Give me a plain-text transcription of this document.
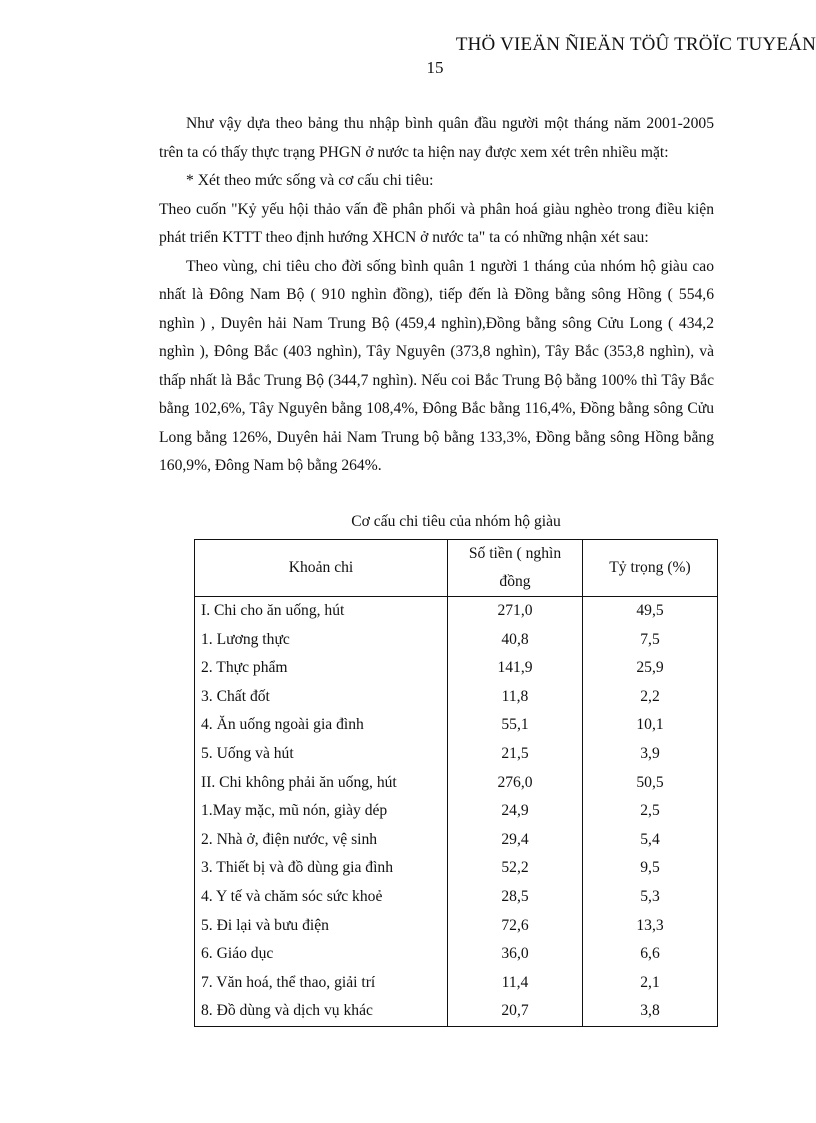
THÖ VIEÄN ÑIEÄN TÖÛ TRÖÏC TUYEÁN
15

Như vậy dựa theo bảng thu nhập bình quân đầu người một tháng năm 2001-2005 trên ta có thấy thực trạng PHGN ở nước ta hiện nay được xem xét trên nhiều mặt:

* Xét theo mức sống và cơ cấu chi tiêu:

Theo cuốn "Kỷ yếu hội thảo vấn đề phân phối và phân hoá giàu nghèo trong điều kiện phát triển KTTT theo định hướng XHCN ở nước ta" ta có những nhận xét sau:

Theo vùng, chi tiêu cho đời sống bình quân 1 người 1 tháng của nhóm hộ giàu cao nhất là Đông Nam Bộ ( 910 nghìn đồng), tiếp đến là Đồng bằng sông Hồng ( 554,6 nghìn ) , Duyên hải Nam Trung Bộ (459,4 nghìn),Đồng bằng sông Cửu Long ( 434,2 nghìn ), Đông Bắc (403 nghìn), Tây Nguyên (373,8 nghìn), Tây Bắc (353,8 nghìn), và thấp nhất là Bắc Trung Bộ (344,7 nghìn). Nếu coi Bắc Trung Bộ bằng 100% thì Tây Bắc bằng 102,6%, Tây Nguyên bằng 108,4%, Đông Bắc bằng 116,4%, Đồng bằng sông Cửu Long bằng 126%, Duyên hải Nam Trung bộ bằng 133,3%, Đồng bằng sông Hồng bằng 160,9%, Đông Nam bộ bằng 264%.

Cơ cấu chi tiêu của nhóm hộ giàu
Khoản chi	Số tiền ( nghìn đồng	Tỷ trọng (%)
I. Chi cho ăn uống, hút	271,0	49,5
1. Lương thực	40,8	7,5
2. Thực phẩm	141,9	25,9
3. Chất đốt	11,8	2,2
4. Ăn uống ngoài gia đình	55,1	10,1
5. Uống và hút	21,5	3,9
II. Chi không phải ăn uống, hút	276,0	50,5
1.May mặc, mũ nón, giày dép	24,9	2,5
2. Nhà ở, điện nước, vệ sinh	29,4	5,4
3. Thiết bị và đồ dùng gia đình	52,2	9,5
4. Y tế và chăm sóc sức khoẻ	28,5	5,3
5. Đi lại và bưu điện	72,6	13,3
6. Giáo dục	36,0	6,6
7. Văn hoá, thể thao, giải trí	11,4	2,1
8. Đồ dùng và dịch vụ khác	20,7	3,8
